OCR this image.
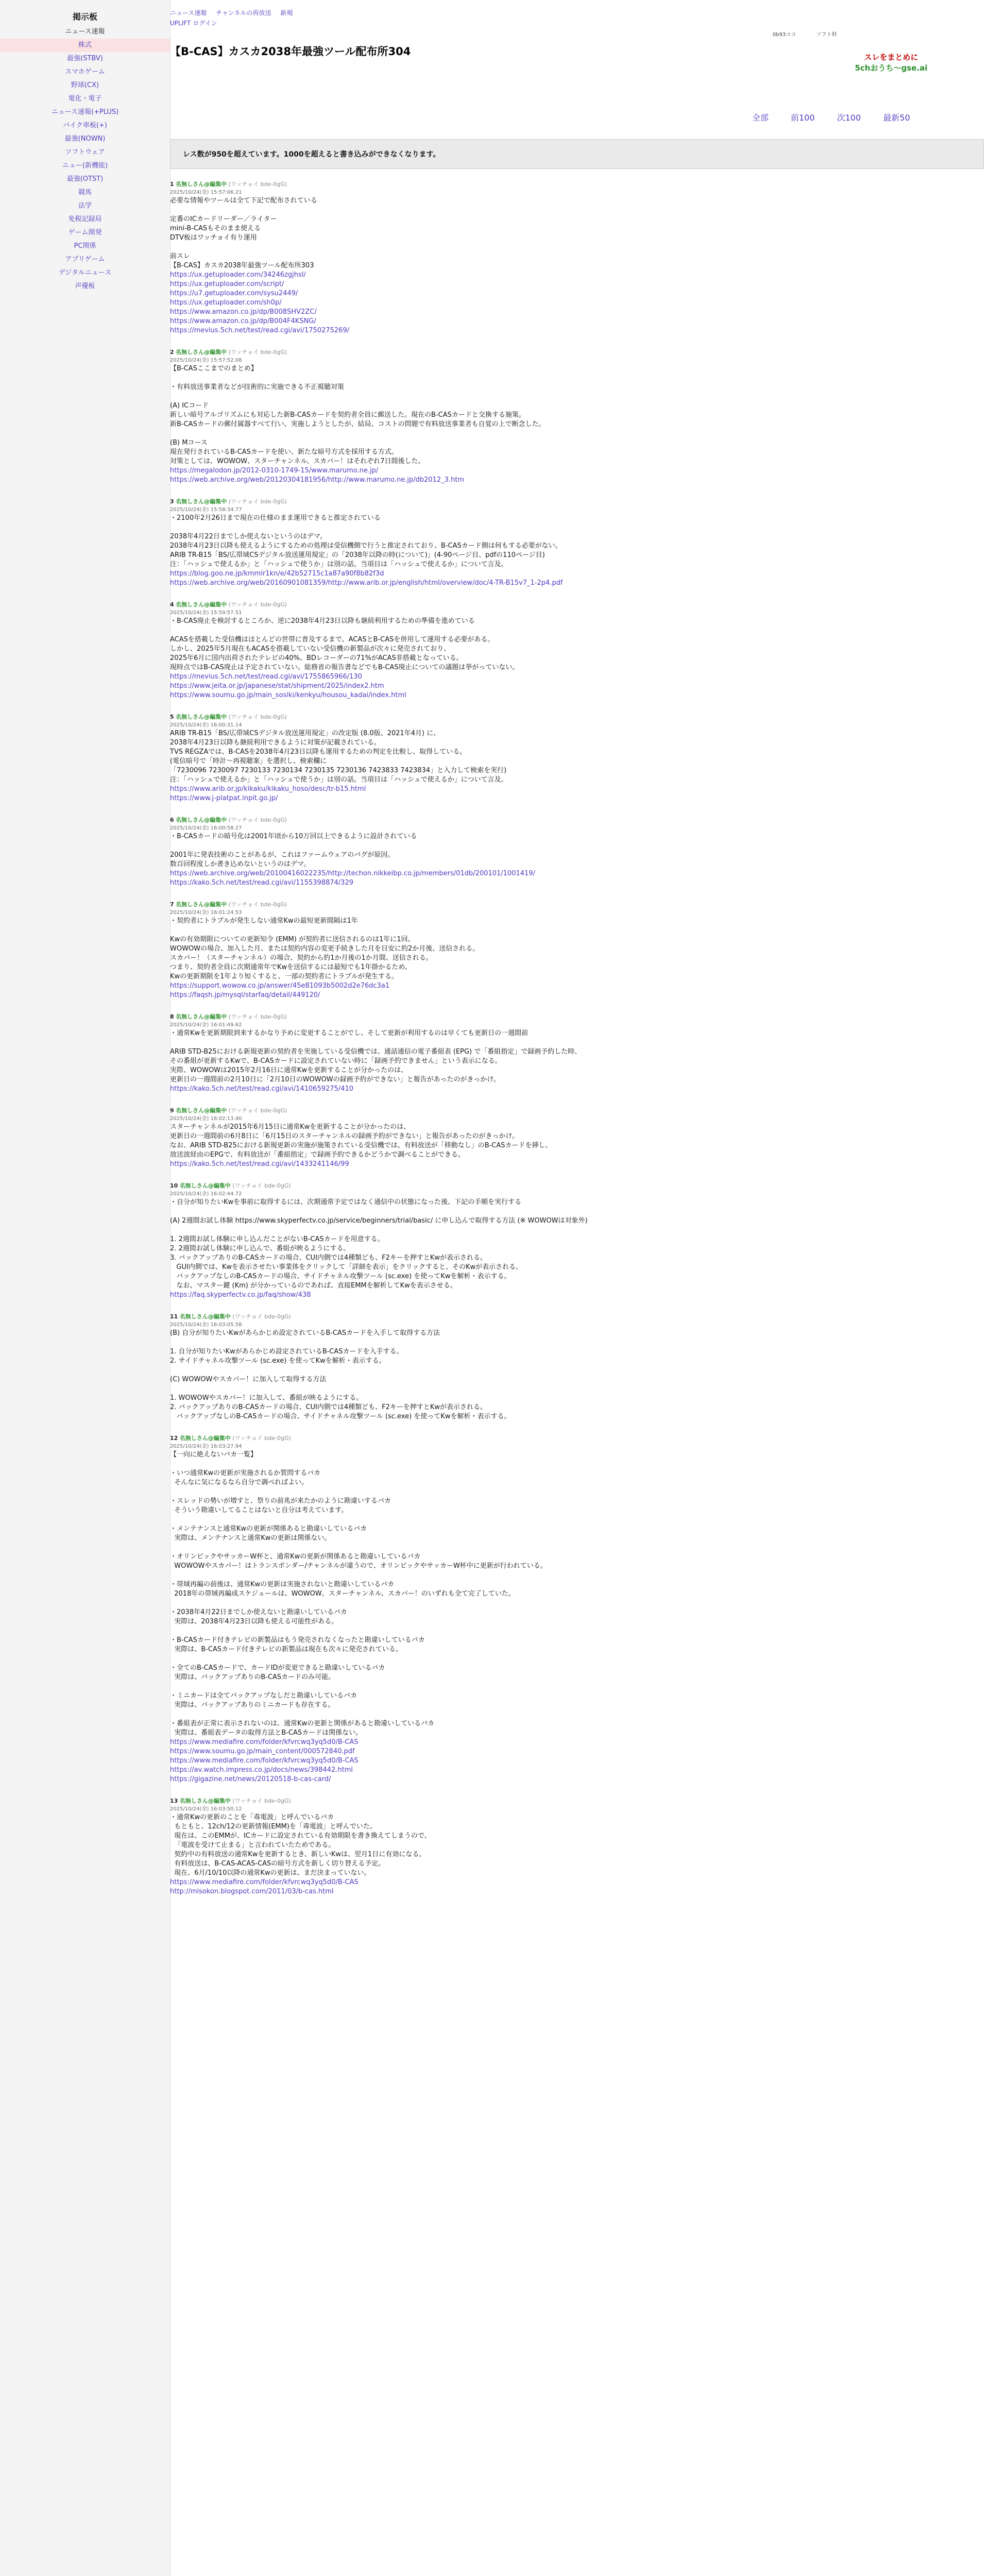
掲示板
ニュース速報
株式
最強(STBV)
スマホゲーム
野球(CX)
電化・電子
ニュース速報(+PLUS)
バイク車板(+)
最強(NOWN)
ソフトウェア
ニュー(新機能)
最強(OTST)
競馬
法学
免税記録局
ゲーム開発
PC関係
アプリゲーム
デジタルニュース
声優板
ニュース速報 チャンネルの再放送 新規
UPLIFT ログイン
0b93ココ	ソフト料
【B-CAS】カスカ2038年最強ツール配布所304	スレをまとめに
5chおうち～gse.ai
全部	前100	次100	最新50
レス数が950を超えています。1000を超えると書き込みができなくなります。
1 名無しさん@編集中 (ワッチョイ bde-0gG)
2025/10/24(金) 15:57:06.21
必要な情報やツールは全て下記で配布されている
定番のICカードリーダー／ライター
mini-B-CASもそのまま使える
DTV板はワッチョイ有り運用
前スレ
【B-CAS】カスカ2038年最強ツール配布所303
https://ux.getuploader.com/34246zgjhsl/
https://ux.getuploader.com/script/
https://u7.getuploader.com/sysu2449/
https://ux.getuploader.com/sh0p/
https://www.amazon.co.jp/dp/B008SHV2ZC/
https://www.amazon.co.jp/dp/B004F4KSNG/
https://mevius.5ch.net/test/read.cgi/avi/1750275269/
2 名無しさん@編集中 (ワッチョイ bde-0gG)
2025/10/24(金) 15:57:52.08
【B-CASここまでのまとめ】
・有料放送事業者などが技術的に実施できる不正視聴対策
(A) ICコード
新しい暗号アルゴリズムにも対応した新B-CASカードを契約者全員に郵送した。現在のB-CASカードと交換する施策。
新B-CASカードの郵付属器すべて行い、実施しようとしたが、結局、コストの問題で有料放送事業者も自覚の上で断念した。
(B) Mコース
現在発行されているB-CASカードを使い、新たな暗号方式を採用する方式。
対策としては、WOWOW、スターチャンネル、スカパー！はそれぞれ7日間後した。
https://megalodon.jp/2012-0310-1749-15/www.marumo.ne.jp/
https://web.archive.org/web/20120304181956/http://www.marumo.ne.jp/db2012_3.htm
3 名無しさん@編集中 (ワッチョイ bde-0gG)
2025/10/24(金) 15:58:34.77
・2100年2月26日まで現在の仕様のまま運用できると推定されている
2038年4月22日までしか使えないというのはデマ。
2038年4月23日以降も使えるようにするための処理は受信機側で行うと推定されており、B-CASカード側は何もする必要がない。
ARIB TR-B15「BS/広帯域CSデジタル放送運用規定」の「2038年以降の時(について)」(4-90ページ目、pdfの110ページ目)
注：「ハッシュで使えるか」と「ハッシュで使うか」は別の話。当項目は「ハッシュで使えるか」について言及。
https://blog.goo.ne.jp/kmmlr1kn/e/42b52715c1a87a90f8b82f3d
https://web.archive.org/web/20160901081359/http://www.arib.or.jp/english/html/overview/doc/4-TR-B15v7_1-2p4.pdf
4 名無しさん@編集中 (ワッチョイ bde-0gG)
2025/10/24(金) 15:59:57.51
・B-CAS廃止を検討するところか、逆に2038年4月23日以降も継続利用するための準備を進めている
ACASを搭載した受信機はほとんどの世帯に普及するまで、ACASとB-CASを併用して運用する必要がある。
しかし、2025年5月現在もACASを搭載していない受信機の新製品が次々に発売されており、
2025年6月に国内出荷されたテレビの40%、BDレコーダーの71%がACAS非搭載となっている。
現時点ではB-CAS廃止は予定されていない。総務省の報告書などでもB-CAS廃止についての議題は挙がっていない。
https://mevius.5ch.net/test/read.cgi/avi/1755865966/130
https://www.jeita.or.jp/japanese/stat/shipment/2025/index2.htm
https://www.soumu.go.jp/main_sosiki/kenkyu/housou_kadai/index.html
5 名無しさん@編集中 (ワッチョイ bde-0gG)
2025/10/24(金) 16:00:31.14
ARIB TR-B15「BS/広帯域CSデジタル放送運用規定」の改定版 (8.0版、2021年4月) に、
2038年4月23日以降も継続利用できるように対策が記載されている。
TVS REGZAでは、B-CASを2038年4月23日以降も運用するための判定を比較し、取得している。
(電信暗号で「時計～再視聴案」を選択し、検索欄に
「7230096 7230097 7230133 7230134 7230135 7230136 7423833 7423834」と入力して検索を実行)
注：「ハッシュで使えるか」と「ハッシュで使うか」は別の話。当項目は「ハッシュで使えるか」について言及。
https://www.arib.or.jp/kikaku/kikaku_hoso/desc/tr-b15.html
https://www.j-platpat.inpit.go.jp/
6 名無しさん@編集中 (ワッチョイ bde-0gG)
2025/10/24(金) 16:00:58.27
・B-CASカードの暗号化は2001年頃から10万回以上できるように設計されている
2001年に発表技術のことがあるが、これはファームウェアのバグが原因。
数百回程度しか書き込めないというのはデマ。
https://web.archive.org/web/20100416022235/http://techon.nikkeibp.co.jp/members/01db/200101/1001419/
https://kako.5ch.net/test/read.cgi/avi/1155398874/329
7 名無しさん@編集中 (ワッチョイ bde-0gG)
2025/10/24(金) 16:01:24.53
・契約者にトラブルが発生しない通常Kwの最短更新間隔は1年
Kwの有効期限についての更新知令 (EMM) が契約者に送信されるのは1年に1回。
WOWOWの場合、加入した月、または契約内容の変更手続きした月を目安に約2か月後、送信される。
スカパー！（スターチャンネル）の場合、契約から約1か月後の1か月間、送信される。
つまり、契約者全員に次期通常年でKwを送信するには最短でも1年掛かるため、
Kwの更新期限を1年より短くすると、一部の契約者にトラブルが発生する。
https://support.wowow.co.jp/answer/45e81093b5002d2e76dc3a1
https://faqsh.jp/mysql/starfaq/detail/449120/
8 名無しさん@編集中 (ワッチョイ bde-0gG)
2025/10/24(金) 16:01:49.62
・通常Kwを更新期限到来するかなり予めに変更することがでし、そして更新が利用するのは早くても更新日の一週間前
ARIB STD-B25における新規更新の契約者を実施している受信機では、通話通信の電子番組表 (EPG) で「番組指定」で録画予約した時、
その番組が更新するKwで、B-CASカードに設定されていない時に「録画予約できません」という表示になる。
実際、WOWOWは2015年2月16日に通常Kwを更新することが分かったのは、
更新日の一週間前の2月10日に「2月10日のWOWOWの録画予約ができない」と報告があったのがきっかけ。
https://kako.5ch.net/test/read.cgi/avi/1410659275/410
9 名無しさん@編集中 (ワッチョイ bde-0gG)
2025/10/24(金) 16:02:13.40
スターチャンネルが2015年6月15日に通常Kwを更新することが分かったのは、
更新日の一週間前の6月8日に「6月15日のスターチャンネルの録画予約ができない」と報告があったのがきっかけ。
なお、ARIB STD-B25における新規更新の実施が施策されている受信機では、有料放送が「移動なし」のB-CASカードを挿し、
放送波経由のEPGで、有料放送が「番組指定」で録画予約できるかどうかで調べることができる。
https://kako.5ch.net/test/read.cgi/avi/1433241146/99
10 名無しさん@編集中 (ワッチョイ bde-0gG)
2025/10/24(金) 16:02:44.72
・自分が知りたいKwを事前に取得するには、次期通常予定ではなく通信中の状態になった後、下記の手順を実行する
(A) 2週間お試し体験 https://www.skyperfectv.co.jp/service/beginners/trial/basic/ に申し込んで取得する方法 (※ WOWOWは対象外)
1. 2週間お試し体験に申し込んだことがないB-CASカードを用意する。
2. 2週間お試し体験に申し込んで、番組が映るようにする。
3. バックアップありのB-CASカードの場合、CUI内側では4種類ども、F2キーを押すとKwが表示される。
GUI内側では、Kwを表示させたい事業体をクリックして「詳細を表示」をクリックすると、そのKwが表示される。
バックアップなしのB-CASカードの場合、サイドチャネル攻撃ツール (sc.exe) を使ってKwを解析・表示する。
なお、マスター鍵 (Km) が分かっているのであれば、直接EMMを解析してKwを表示させる。
https://faq.skyperfectv.co.jp/faq/show/438
11 名無しさん@編集中 (ワッチョイ bde-0gG)
2025/10/24(金) 16:03:05.58
(B) 自分が知りたいKwがあらかじめ設定されているB-CASカードを入手して取得する方法
1. 自分が知りたいKwがあらかじめ設定されているB-CASカードを入手する。
2. サイドチャネル攻撃ツール (sc.exe) を使ってKwを解析・表示する。
(C) WOWOWやスカパー！に加入して取得する方法
1. WOWOWやスカパー！に加入して、番組が映るようにする。
2. バックアップありのB-CASカードの場合、CUI内側では4種類ども、F2キーを押すとKwが表示される。
バックアップなしのB-CASカードの場合、サイドチャネル攻撃ツール (sc.exe) を使ってKwを解析・表示する。
12 名無しさん@編集中 (ワッチョイ bde-0gG)
2025/10/24(金) 16:03:27.94
【一向に絶えないバカ一覧】
・いつ通常Kwの更新が実施されるか質問するバカ
そんなに気になるなら自分で調べればよい。
・スレッドの勢いが増すと、祭りの前兆が来たかのように勘違いするバカ
そういう勘違いしてることはないと自分は考えています。
・メンテナンスと通常Kwの更新が関係あると勘違いしているバカ
実際は、メンテナンスと通常Kwの更新は関係ない。
・オリンピックやサッカーW杯と、通常Kwの更新が関係あると勘違いしているバカ
WOWOWやスカパー！はトランスポンダー/チャンネルが違うので、オリンピックやサッカーW杯中に更新が行われている。
・帯域再編の前後は、通常Kwの更新は実施されないと勘違いしているバカ
2018年の帯域再編成スケジュールは、WOWOW、スターチャンネル、スカパー！のいずれも全て完了していた。
・2038年4月22日までしか使えないと勘違いしているバカ
実際は、2038年4月23日以降も使える可能性がある。
・B-CASカード付きテレビの新製品はもう発売されなくなったと勘違いしているバカ
実際は、B-CASカード付きテレビの新製品は現在も次々に発売されている。
・全てのB-CASカードで、カードIDが変更できると勘違いしているバカ
実際は、バックアップありのB-CASカードのみ可能。
・ミニカードは全てバックアップなしだと勘違いしているバカ
実際は、バックアップありのミニカードも存在する。
・番組表が正常に表示されないのは、通常Kwの更新と関係があると勘違いしているバカ
実際は、番組表データの取得方法とB-CASカードは関係ない。
https://www.mediafire.com/folder/kfvrcwq3yq5d0/B-CAS
https://www.soumu.go.jp/main_content/000572840.pdf
https://www.mediafire.com/folder/kfvrcwq3yq5d0/B-CAS
https://av.watch.impress.co.jp/docs/news/398442.html
https://gigazine.net/news/20120518-b-cas-card/
13 名無しさん@編集中 (ワッチョイ bde-0gG)
2025/10/24(金) 16:03:50.12
・通常Kwの更新のことを「毒電波」と呼んでいるバカ
もともと、12ch/12の更新情報(EMM)を「毒電波」と呼んでいた。
現在は、このEMMが、ICカードに設定されている有効期限を書き換えてしまうので、
「電波を受けて止まる」と言われていたためである。
契約中の有料放送の通常Kwを更新するとき、新しいKwは、翌月1日に有効になる。
有料放送は、B-CAS-ACAS-CASの暗号方式を新しく切り替える予定。
現在、6月/10/10以降の通常Kwの更新は、まだ決まっていない。
https://www.mediafire.com/folder/kfvrcwq3yq5d0/B-CAS
http://misokon.blogspot.com/2011/03/b-cas.html
